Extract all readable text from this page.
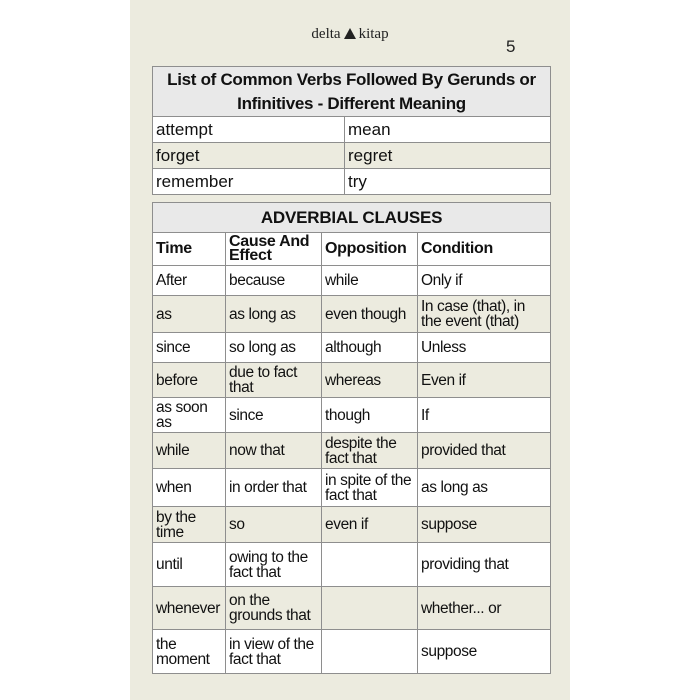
delta kitap
5
List of Common Verbs Followed By Gerunds or Infinitives - Different Meaning	
attempt	mean
forget	regret
remember	try
ADVERBIAL CLAUSES			
Time	Cause And Effect	Opposition	Condition
After	because	while	Only if
as	as long as	even though	In case (that), in the event (that)
since	so long as	although	Unless
before	due to fact that	whereas	Even if
as soon as	since	though	If
while	now that	despite the fact that	provided that
when	in order that	in spite of the fact that	as long as
by the time	so	even if	suppose
until	owing to the fact that		providing that
whenever	on the grounds that		whether... or
the moment	in view of the fact that		suppose
